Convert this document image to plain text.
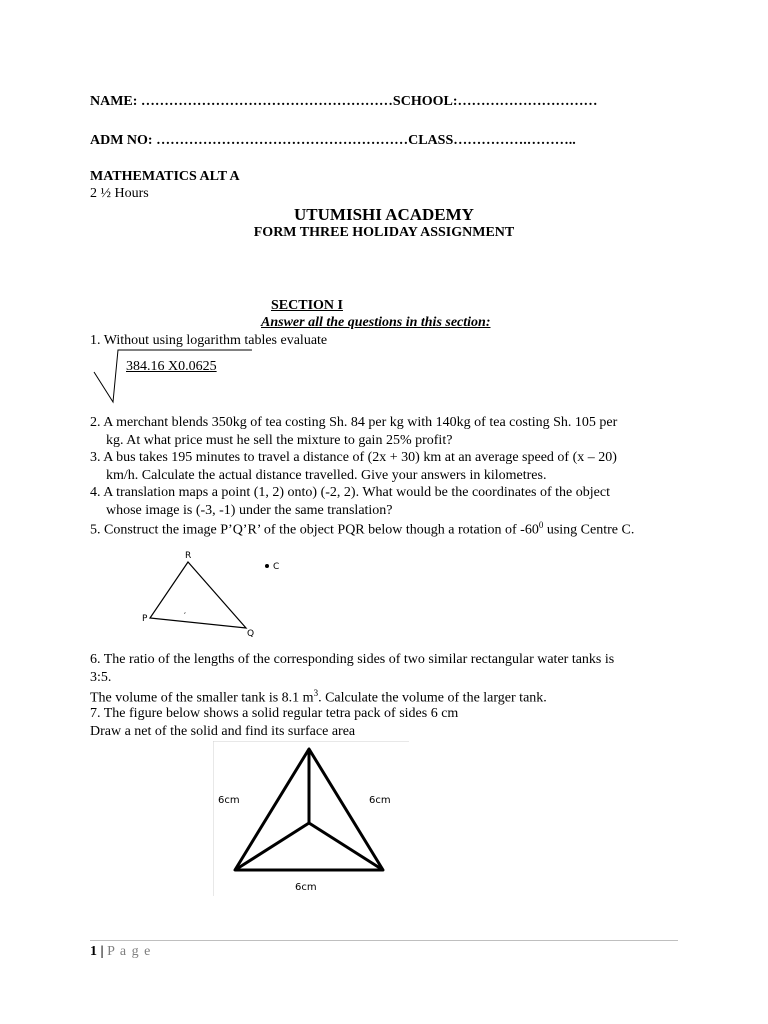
NAME: ………………………………………………SCHOOL:…………………………
ADM NO: ………………………………………………CLASS…………….………..
MATHEMATICS ALT A
2 ½ Hours
UTUMISHI ACADEMY
FORM THREE HOLIDAY ASSIGNMENT
SECTION I
Answer all the questions in this section:
1. Without using logarithm tables evaluate
384.16 X0.0625
2. A merchant blends 350kg of tea costing Sh. 84 per kg with 140kg of tea costing Sh. 105 per
kg. At what price must he sell the mixture to gain 25% profit?
3. A bus takes 195 minutes to travel a distance of (2x + 30) km at an average speed of (x – 20)
km/h. Calculate the actual distance travelled. Give your answers in kilometres.
4. A translation maps a point (1, 2) onto) (-2, 2). What would be the coordinates of the object
whose image is (-3, -1) under the same translation?
5. Construct the image P’Q’R’ of the object PQR below though a rotation of $-60^0$ using Centre C.
R
P
Q
C
¸
6. The ratio of the lengths of the corresponding sides of two similar rectangular water tanks is
3:5.
The volume of the smaller tank is 8.1 $m^3$. Calculate the volume of the larger tank.
7. The figure below shows a solid regular tetra pack of sides 6 cm
Draw a net of the solid and find its surface area
6cm	6cm
6cm
1 | P a g e
